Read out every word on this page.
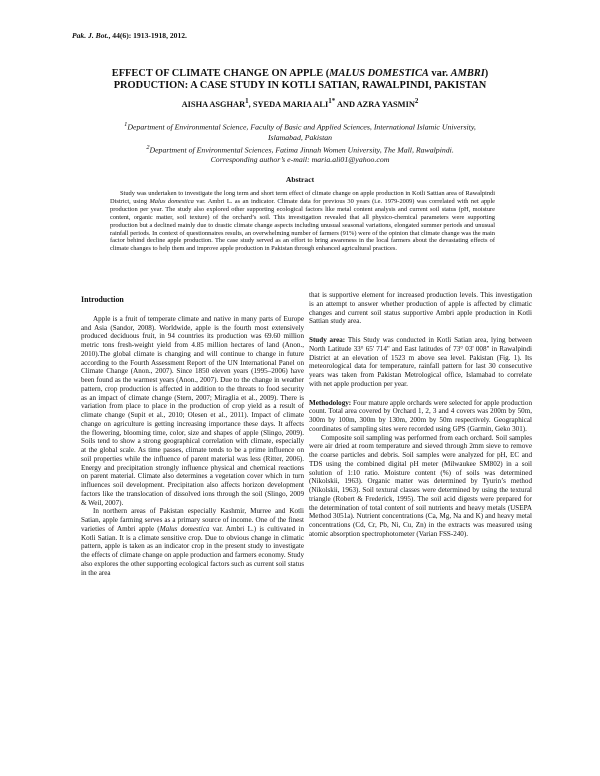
Pak. J. Bot., 44(6): 1913-1918, 2012.
EFFECT OF CLIMATE CHANGE ON APPLE (MALUS DOMESTICA var. AMBRI)
PRODUCTION: A CASE STUDY IN KOTLI SATIAN, RAWALPINDI, PAKISTAN
AISHA ASGHAR$^1$, SYEDA MARIA $ALI^{1*}$ AND AZRA YASMIN$^2$
$^1$Department of Environmental Science, Faculty of Basic and Applied Sciences, International Islamic University,
Islamabad, Pakistan
$^2$Department of Environmental Sciences, Fatima Jinnah Women University, The Mall, Rawalpindi.
Corresponding author’s e-mail: maria.ali01@yahoo.com
Abstract

Study was undertaken to investigate the long term and short term effect of climate change on apple production in Kotli Sattian area of Rawalpindi District, using Malus domestica var. Ambri L. as an indicator. Climate data for previous 30 years (i.e. 1979-2009) was correlated with net apple production per year. The study also explored other supporting ecological factors like metal content analysis and current soil status (pH, moisture content, organic matter, soil texture) of the orchard’s soil. This investigation revealed that all physico-chemical parameters were supporting production but a declined mainly due to drastic climate change aspects including unusual seasonal variations, elongated summer periods and unusual rainfall periods. In context of questionnaires results, an overwhelming number of farmers (91%) were of the opinion that climate change was the main factor behind decline apple production. The case study served as an effort to bring awareness in the local farmers about the devastating effects of climate changes to help them and improve apple production in Pakistan through enhanced agricultural practices.

Introduction

Apple is a fruit of temperate climate and native in many parts of Europe and Asia (Sandor, 2008). Worldwide, apple is the fourth most extensively produced deciduous fruit, in 94 countries its production was 69.60 million metric tons fresh-weight yield from 4.85 million hectares of land (Anon., 2010).The global climate is changing and will continue to change in future according to the Fourth Assessment Report of the UN International Panel on Climate Change (Anon., 2007). Since 1850 eleven years (1995–2006) have been found as the warmest years (Anon., 2007). Due to the change in weather pattern, crop production is affected in addition to the threats to food security as an impact of climate change (Stern, 2007; Miraglia et al., 2009). There is variation from place to place in the production of crop yield as a result of climate change (Supit et al., 2010; Olesen et al., 2011). Impact of climate change on agriculture is getting increasing importance these days. It affects the flowering, blooming time, color, size and shapes of apple (Slingo, 2009). Soils tend to show a strong geographical correlation with climate, especially at the global scale. As time passes, climate tends to be a prime influence on soil properties while the influence of parent material was less (Ritter, 2006). Energy and precipitation strongly influence physical and chemical reactions on parent material. Climate also determines a vegetation cover which in turn influences soil development. Precipitation also affects horizon development factors like the translocation of dissolved ions through the soil (Slingo, 2009 & Weil, 2007).

In northern areas of Pakistan especially Kashmir, Murree and Kotli Satian, apple farming serves as a primary source of income. One of the finest varieties of Ambri apple (Malus domestica var. Ambri L.) is cultivated in Kotli Satian. It is a climate sensitive crop. Due to obvious change in climatic pattern, apple is taken as an indicator crop in the present study to investigate the effects of climate change on apple production and farmers economy. Study also explores the other supporting ecological factors such as current soil status in the area

that is supportive element for increased production levels. This investigation is an attempt to answer whether production of apple is affected by climatic changes and current soil status supportive Ambri apple production in Kotli Sattian study area.

Study area: This Study was conducted in Kotli Satian area, lying between North Latitude 33° 65' 714" and East latitudes of 73° 03' 008" in Rawalpindi District at an elevation of 1523 m above sea level. Pakistan (Fig. 1). Its meteorological data for temperature, rainfall pattern for last 30 consecutive years was taken from Pakistan Metrological office, Islamabad to correlate with net apple production per year.

Methodology: Four mature apple orchards were selected for apple production count. Total area covered by Orchard 1, 2, 3 and 4 covers was 200m by 50m, 300m by 100m, 300m by 130m, 200m by 50m respectively. Geographical coordinates of sampling sites were recorded using GPS (Garmin, Geko 301).

Composite soil sampling was performed from each orchard. Soil samples were air dried at room temperature and sieved through 2mm sieve to remove the coarse particles and debris. Soil samples were analyzed for pH, EC and TDS using the combined digital pH meter (Milwaukee SM802) in a soil solution of 1:10 ratio. Moisture content (%) of soils was determined (Nikolskii, 1963). Organic matter was determined by Tyurin’s method (Nikolskii, 1963). Soil textural classes were determined by using the textural triangle (Robert & Frederick, 1995). The soil acid digests were prepared for the determination of total content of soil nutrients and heavy metals (USEPA Method 3051a). Nutrient concentrations (Ca, Mg, Na and K) and heavy metal concentrations (Cd, Cr, Pb, Ni, Cu, Zn) in the extracts was measured using atomic absorption spectrophotometer (Varian FSS-240).
